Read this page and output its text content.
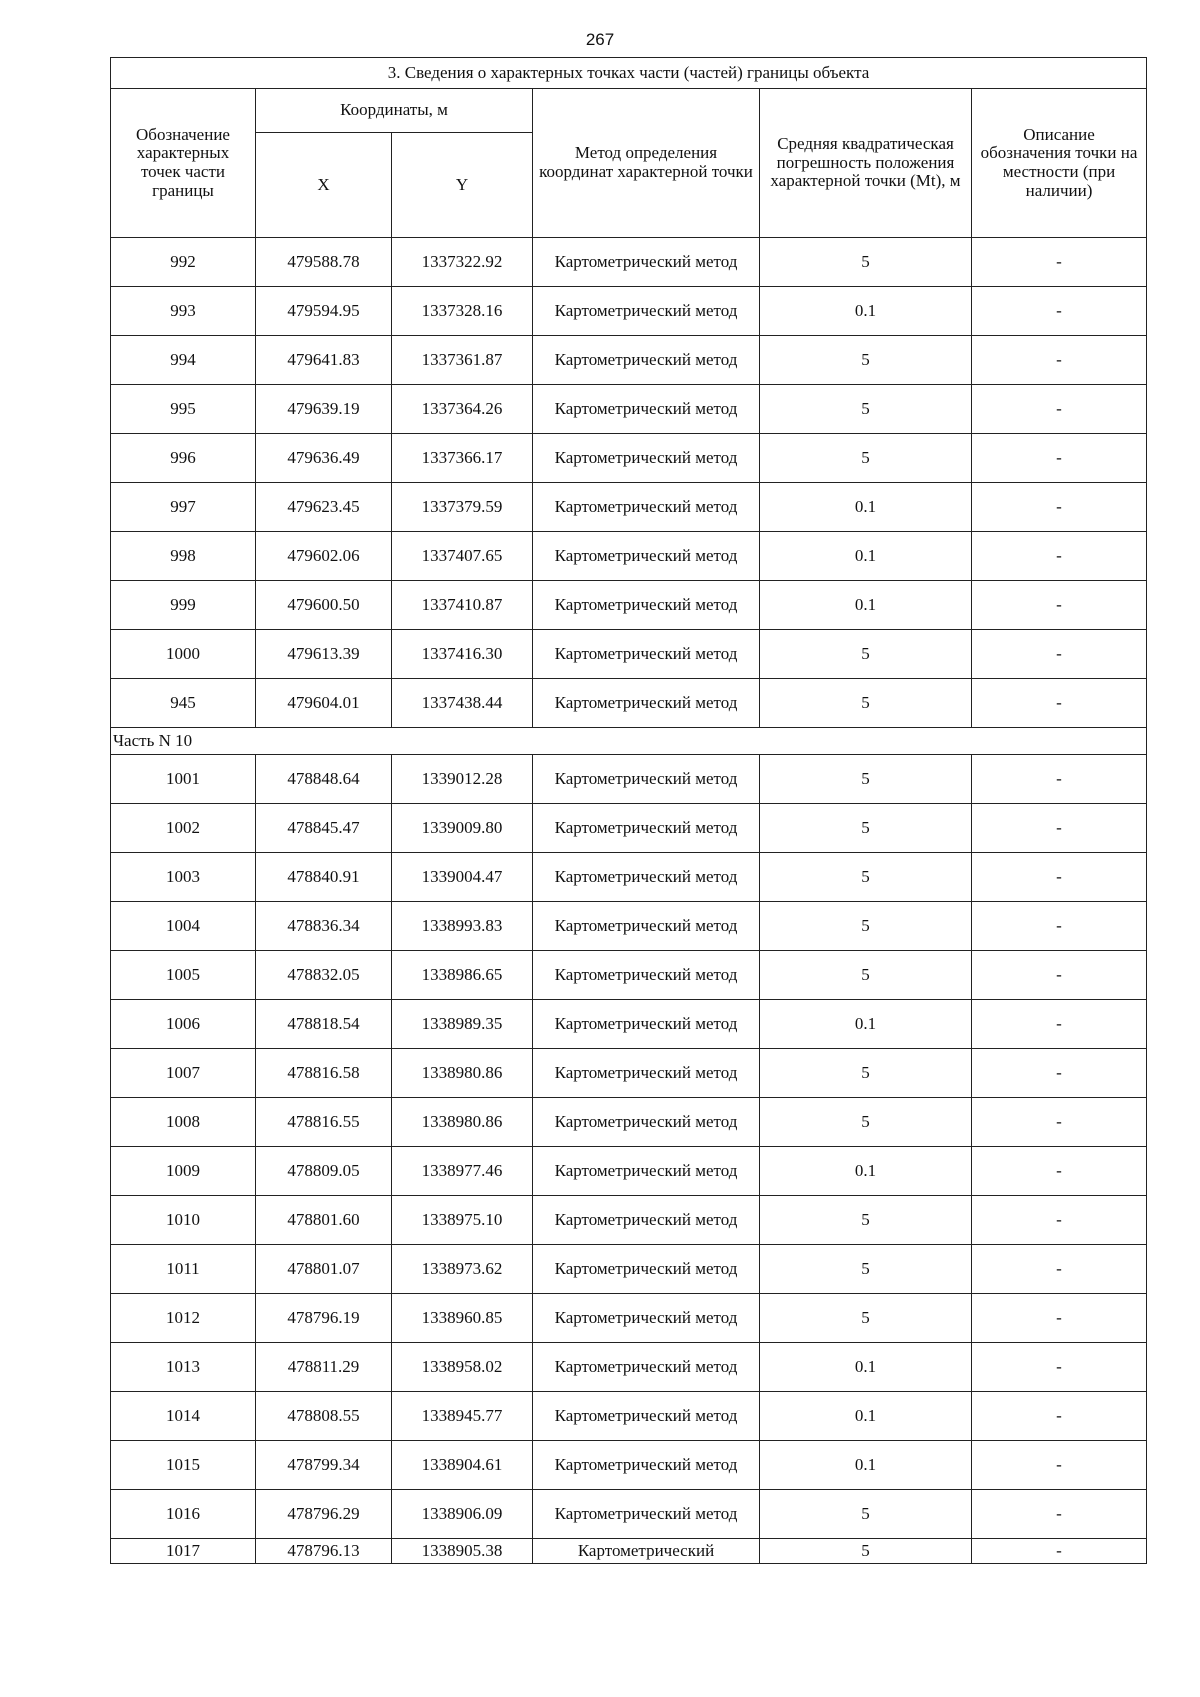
267
3. Сведения о характерных точках части (частей) границы объекта					
Обозначение характерных точек части границы	Координаты, м		Метод определения координат характерной точки	Средняя квадратическая погрешность положения характерной точки (Mt), м	Описание обозначения точки на местности (при наличии)
	X	Y			
992	479588.78	1337322.92	Картометрический метод	5	-
993	479594.95	1337328.16	Картометрический метод	0.1	-
994	479641.83	1337361.87	Картометрический метод	5	-
995	479639.19	1337364.26	Картометрический метод	5	-
996	479636.49	1337366.17	Картометрический метод	5	-
997	479623.45	1337379.59	Картометрический метод	0.1	-
998	479602.06	1337407.65	Картометрический метод	0.1	-
999	479600.50	1337410.87	Картометрический метод	0.1	-
1000	479613.39	1337416.30	Картометрический метод	5	-
945	479604.01	1337438.44	Картометрический метод	5	-
Часть N 10					
1001	478848.64	1339012.28	Картометрический метод	5	-
1002	478845.47	1339009.80	Картометрический метод	5	-
1003	478840.91	1339004.47	Картометрический метод	5	-
1004	478836.34	1338993.83	Картометрический метод	5	-
1005	478832.05	1338986.65	Картометрический метод	5	-
1006	478818.54	1338989.35	Картометрический метод	0.1	-
1007	478816.58	1338980.86	Картометрический метод	5	-
1008	478816.55	1338980.86	Картометрический метод	5	-
1009	478809.05	1338977.46	Картометрический метод	0.1	-
1010	478801.60	1338975.10	Картометрический метод	5	-
1011	478801.07	1338973.62	Картометрический метод	5	-
1012	478796.19	1338960.85	Картометрический метод	5	-
1013	478811.29	1338958.02	Картометрический метод	0.1	-
1014	478808.55	1338945.77	Картометрический метод	0.1	-
1015	478799.34	1338904.61	Картометрический метод	0.1	-
1016	478796.29	1338906.09	Картометрический метод	5	-
1017	478796.13	1338905.38	Картометрический	5	-
